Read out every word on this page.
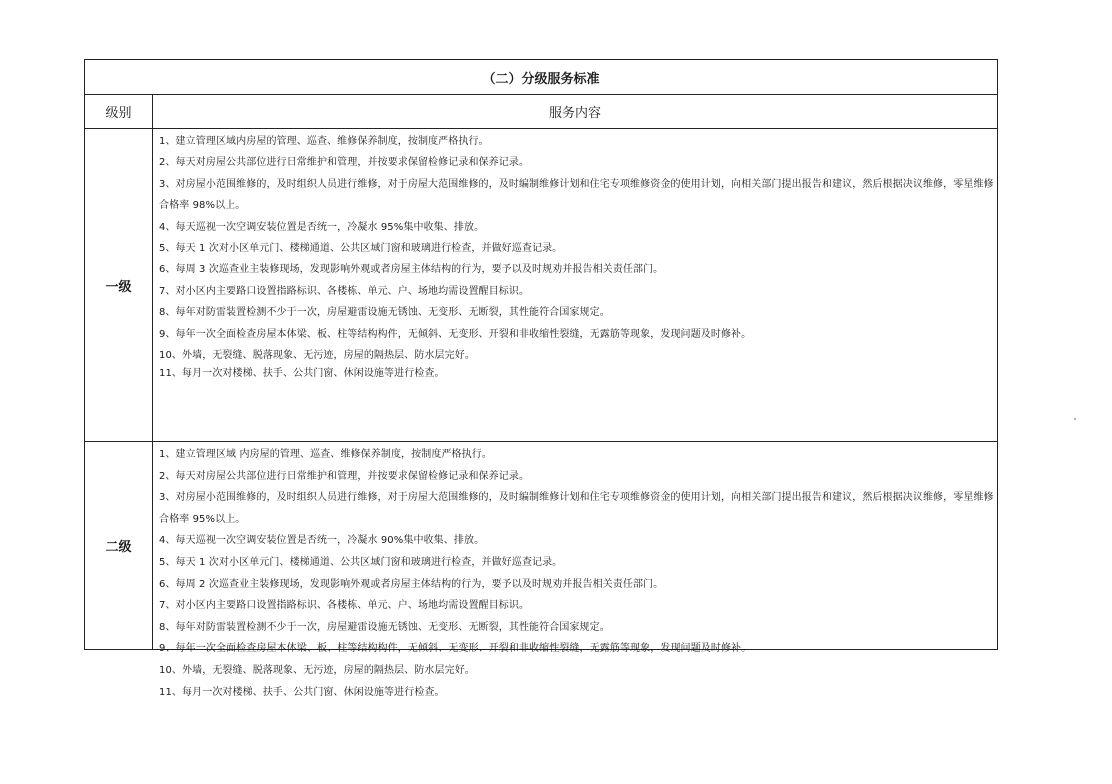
（二）分级服务标准
级别	服务内容
一级
1、建立管理区域内房屋的管理、巡查、维修保养制度，按制度严格执行。
2、每天对房屋公共部位进行日常维护和管理，并按要求保留检修记录和保养记录。
3、对房屋小范围维修的，及时组织人员进行维修，对于房屋大范围维修的，及时编制维修计划和住宅专项维修资金的使用计划，向相关部门提出报告和建议，然后根据决议维修，零星维修合格率 98%以上。
4、每天巡视一次空调安装位置是否统一，冷凝水 95%集中收集、排放。
5、每天 1 次对小区单元门、楼梯通道、公共区域门窗和玻璃进行检查，并做好巡查记录。
6、每周 3 次巡查业主装修现场，发现影响外观或者房屋主体结构的行为，要予以及时规劝并报告相关责任部门。
7、对小区内主要路口设置指路标识、各楼栋、单元、户、场地均需设置醒目标识。
8、每年对防雷装置检测不少于一次，房屋避雷设施无锈蚀、无变形、无断裂，其性能符合国家规定。
9、每年一次全面检查房屋本体梁、板、柱等结构构件，无倾斜、无变形、开裂和非收缩性裂缝，无露筋等现象，发现问题及时修补。
10、外墙，无裂缝、脱落现象、无污迹，房屋的隔热层、防水层完好。
11、每月一次对楼梯、扶手、公共门窗、休闲设施等进行检查。
二级
1、建立管理区域 内房屋的管理、巡查、维修保养制度，按制度严格执行。
2、每天对房屋公共部位进行日常维护和管理，并按要求保留检修记录和保养记录。
3、对房屋小范围维修的，及时组织人员进行维修，对于房屋大范围维修的，及时编制维修计划和住宅专项维修资金的使用计划，向相关部门提出报告和建议，然后根据决议维修，零星维修合格率 95%以上。
4、每天巡视一次空调安装位置是否统一，冷凝水 90%集中收集、排放。
5、每天 1 次对小区单元门、楼梯通道、公共区域门窗和玻璃进行检查，并做好巡查记录。
6、每周 2 次巡查业主装修现场，发现影响外观或者房屋主体结构的行为，要予以及时规劝并报告相关责任部门。
7、对小区内主要路口设置指路标识、各楼栋、单元、户、场地均需设置醒目标识。
8、每年对防雷装置检测不少于一次，房屋避雷设施无锈蚀、无变形、无断裂，其性能符合国家规定。
9、每年一次全面检查房屋本体梁、板、柱等结构构件，无倾斜、无变形、开裂和非收缩性裂缝，无露筋等现象，发现问题及时修补。
10、外墙，无裂缝、脱落现象、无污迹，房屋的隔热层、防水层完好。
11、每月一次对楼梯、扶手、公共门窗、休闲设施等进行检查。
